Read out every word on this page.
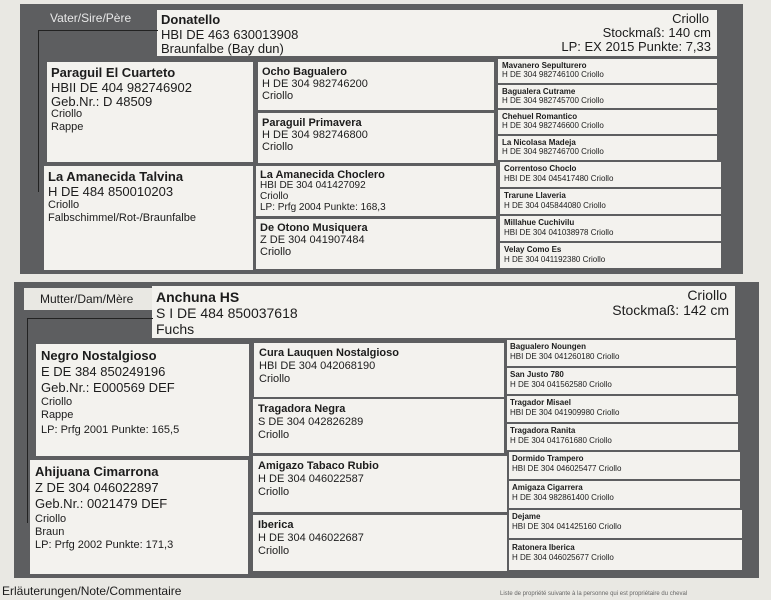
Vater/Sire/Père Donatello
HBI DE 463 630013908
Braunfalbe (Bay dun)
Criollo
Stockmaß: 140 cm
LP: EX 2015 Punkte: 7,33
Paraguil El Cuarteto
HBII DE 404 982746902
Geb.Nr.: D 48509
Criollo
Rappe
La Amanecida Talvina
H DE 484 850010203
Criollo
Falbschimmel/Rot-/Braunfalbe
Ocho Bagualero
H DE 304 982746200
Criollo
Paraguil Primavera
H DE 304 982746800
Criollo
La Amanecida Choclero
HBI DE 304 041427092
Criollo
LP: Prfg 2004 Punkte: 168,3
De Otono Musiquera
Z DE 304 041907484
Criollo
Mavanero Sepulturero
H DE 304 982746100 Criollo
Bagualera Cutrame
H DE 304 982745700 Criollo
Chehuel Romantico
H DE 304 982746600 Criollo
La Nicolasa Madeja
H DE 304 982746700 Criollo
Correntoso Choclo
HBI DE 304 045417480 Criollo
Trarune Llaveria
H DE 304 045844080 Criollo
Millahue Cuchivilu
HBI DE 304 041038978 Criollo
Velay Como Es
H DE 304 041192380 Criollo
Mutter/Dam/Mère Anchuna HS
S I DE 484 850037618
Fuchs
Criollo
Stockmaß: 142 cm
Negro Nostalgioso
E DE 384 850249196
Geb.Nr.: E000569 DEF
Criollo
Rappe
LP: Prfg 2001 Punkte: 165,5
Ahijuana Cimarrona
Z DE 304 046022897
Geb.Nr.: 0021479 DEF
Criollo
Braun
LP: Prfg 2002 Punkte: 171,3
Cura Lauquen Nostalgioso
HBI DE 304 042068190
Criollo
Tragadora Negra
S DE 304 042826289
Criollo
Amigazo Tabaco Rubio
H DE 304 046022587
Criollo
Iberica
H DE 304 046022687
Criollo
Bagualero Noungen
HBI DE 304 041260180 Criollo
San Justo 780
H DE 304 041562580 Criollo
Tragador Misael
HBI DE 304 041909980 Criollo
Tragadora Ranita
H DE 304 041761680 Criollo
Dormido Trampero
HBI DE 304 046025477 Criollo
Amigaza Cigarrera
H DE 304 982861400 Criollo
Dejame
HBI DE 304 041425160 Criollo
Ratonera Iberica
H DE 304 046025677 Criollo
Erläuterungen/Note/Commentaire	Liste de propriété suivante à la personne qui est propriétaire du cheval
